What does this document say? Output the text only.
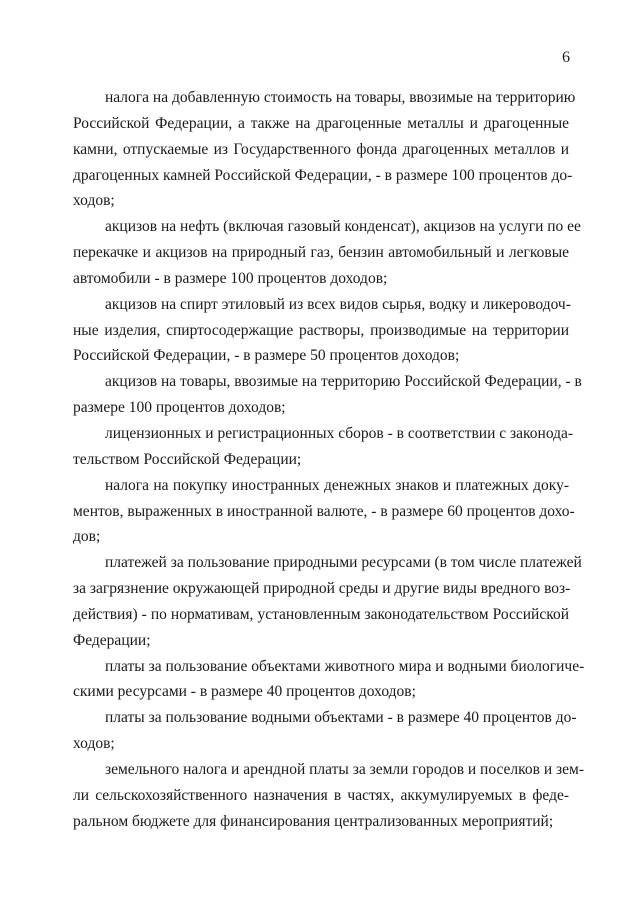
6
налога на добавленную стоимость на товары, ввозимые на территорию
Российской Федерации, а также на драгоценные металлы и драгоценные
камни, отпускаемые из Государственного фонда драгоценных металлов и
драгоценных камней Российской Федерации, - в размере 100 процентов до-
ходов;
акцизов на нефть (включая газовый конденсат), акцизов на услуги по ее
перекачке и акцизов на природный газ, бензин автомобильный и легковые
автомобили - в размере 100 процентов доходов;
акцизов на спирт этиловый из всех видов сырья, водку и ликероводоч-
ные изделия, спиртосодержащие растворы, производимые на территории
Российской Федерации, - в размере 50 процентов доходов;
акцизов на товары, ввозимые на территорию Российской Федерации, - в
размере 100 процентов доходов;
лицензионных и регистрационных сборов - в соответствии с законода-
тельством Российской Федерации;
налога на покупку иностранных денежных знаков и платежных доку-
ментов, выраженных в иностранной валюте, - в размере 60 процентов дохо-
дов;
платежей за пользование природными ресурсами (в том числе платежей
за загрязнение окружающей природной среды и другие виды вредного воз-
действия) - по нормативам, установленным законодательством Российской
Федерации;
платы за пользование объектами животного мира и водными биологиче-
скими ресурсами - в размере 40 процентов доходов;
платы за пользование водными объектами - в размере 40 процентов до-
ходов;
земельного налога и арендной платы за земли городов и поселков и зем-
ли сельскохозяйственного назначения в частях, аккумулируемых в феде-
ральном бюджете для финансирования централизованных мероприятий;
